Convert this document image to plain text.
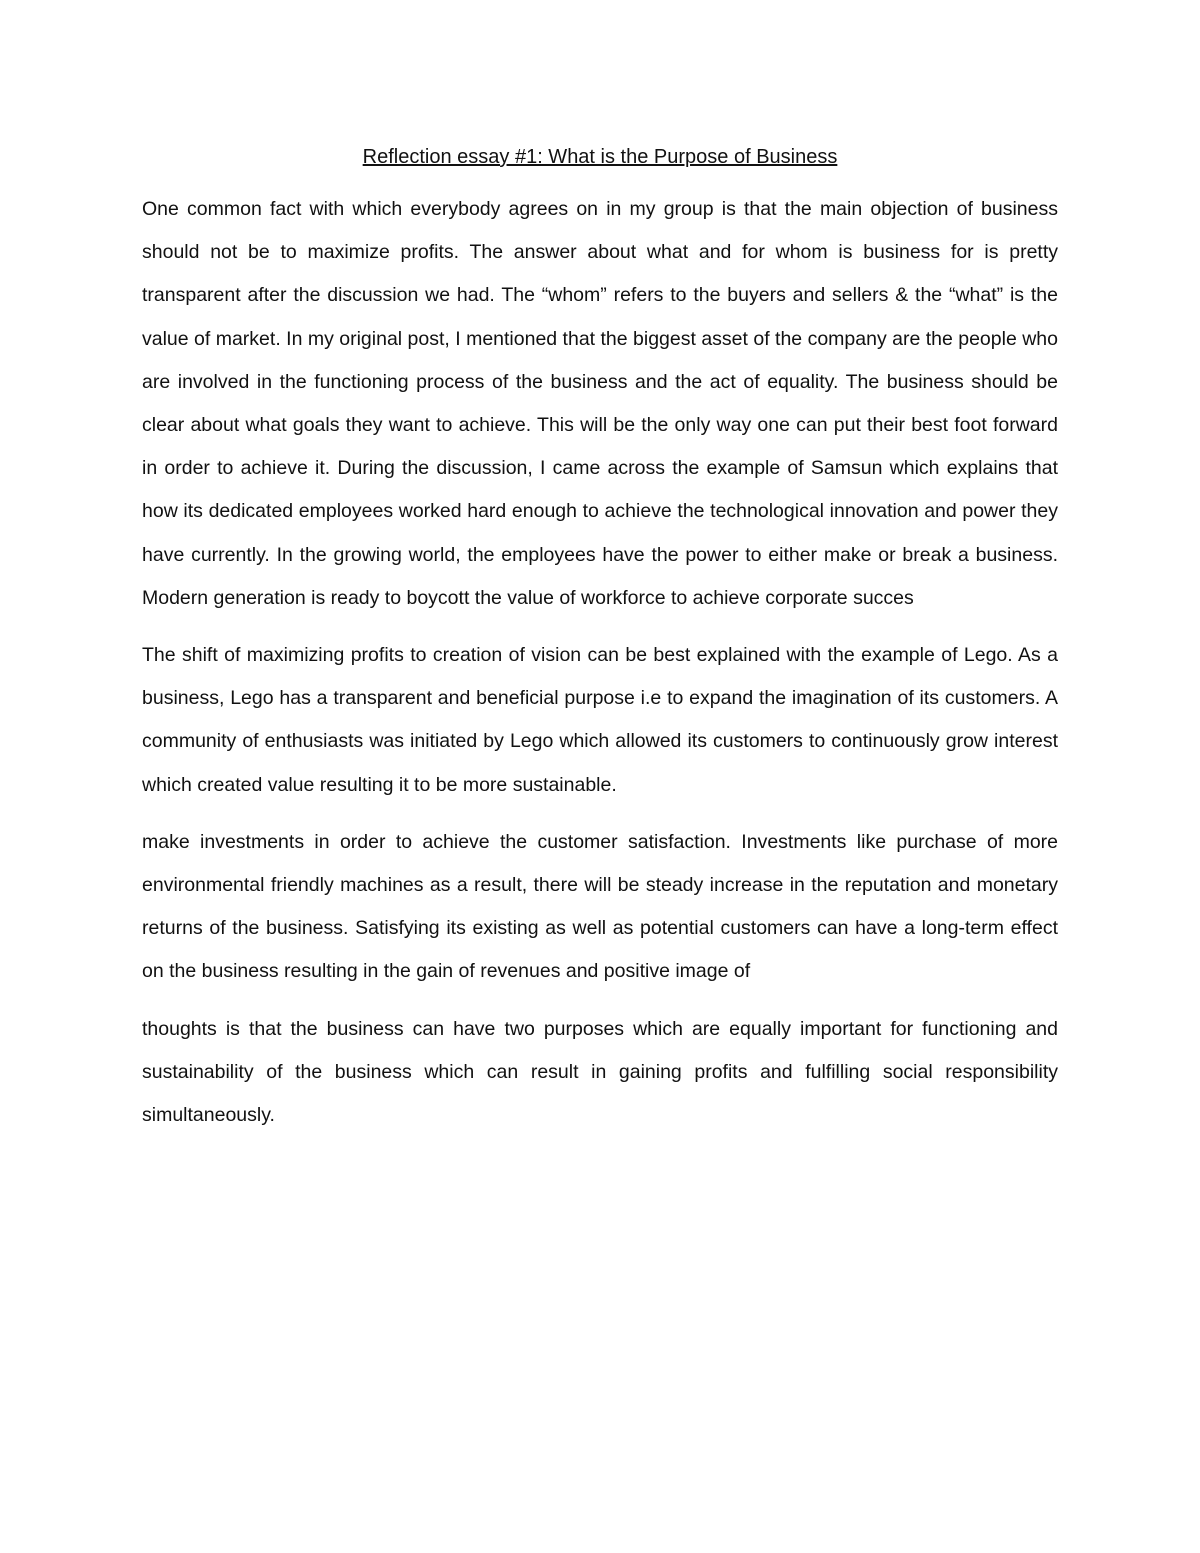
Reflection essay #1: What is the Purpose of Business

One common fact with which everybody agrees on in my group is that the main objection of business should not be to maximize profits. The answer about what and for whom is business for is pretty transparent after the discussion we had. The “whom” refers to the buyers and sellers & the “what” is the value of market. In my original post, I mentioned that the biggest asset of the company are the people who are involved in the functioning process of the business and the act of equality. The business should be clear about what goals they want to achieve. This will be the only way one can put their best foot forward in order to achieve it. During the discussion, I came across the example of Samsun which explains that how its dedicated employees worked hard enough to achieve the technological innovation and power they have currently. In the growing world, the employees have the power to either make or break a business. Modern generation is ready to boycott the value of workforce to achieve corporate succes

The shift of maximizing profits to creation of vision can be best explained with the example of Lego. As a business, Lego has a transparent and beneficial purpose i.e to expand the imagination of its customers. A community of enthusiasts was initiated by Lego which allowed its customers to continuously grow interest which created value resulting it to be more sustainable.

make investments in order to achieve the customer satisfaction. Investments like purchase of more environmental friendly machines as a result, there will be steady increase in the reputation and monetary returns of the business. Satisfying its existing as well as potential customers can have a long-term effect on the business resulting in the gain of revenues and positive image of

thoughts is that the business can have two purposes which are equally important for functioning and sustainability of the business which can result in gaining profits and fulfilling social responsibility simultaneously.
